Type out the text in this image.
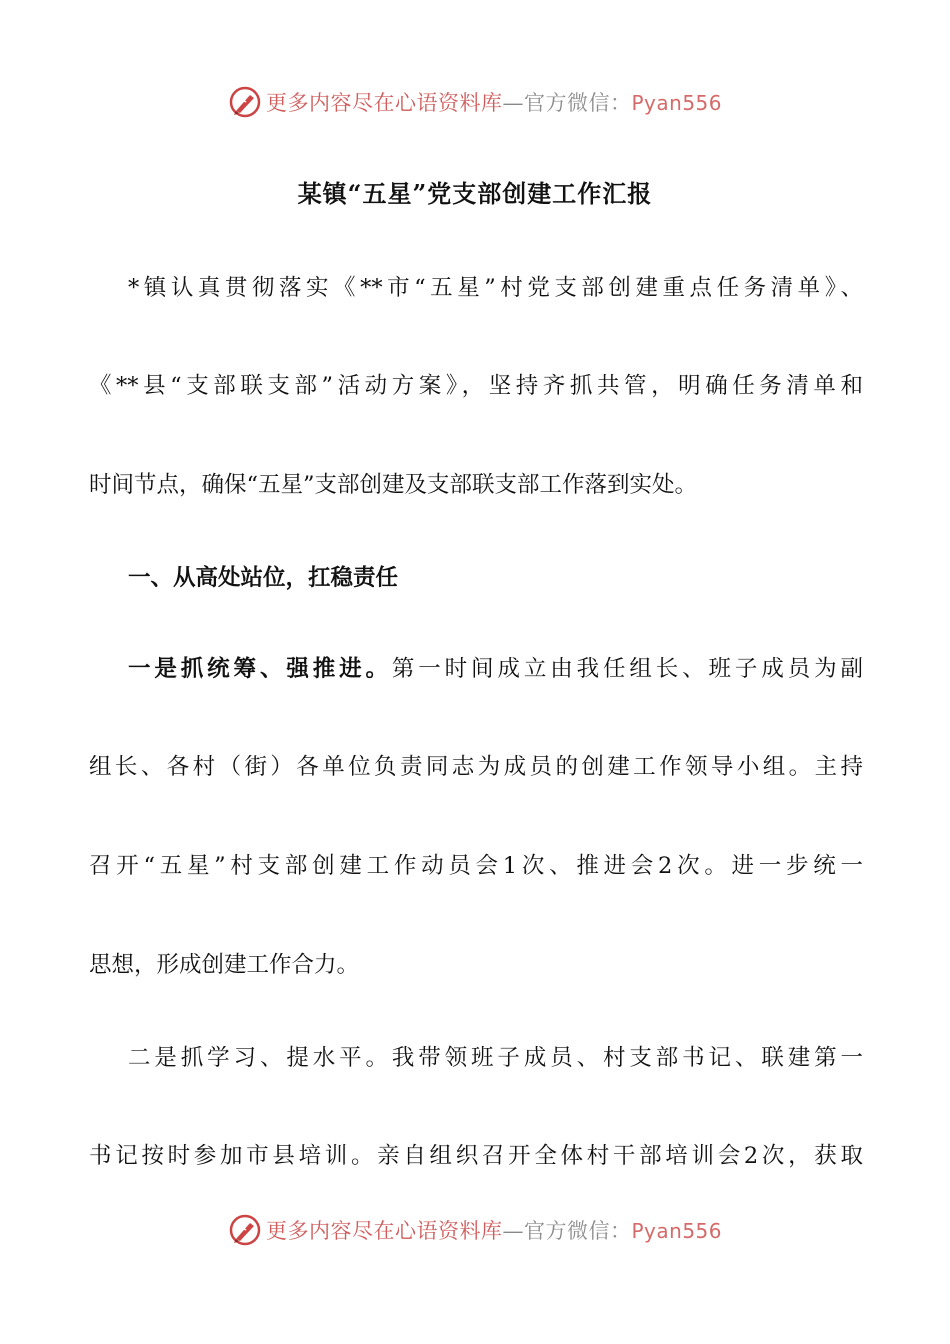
更多内容尽在心语资料库—官方微信：Pyan556
某镇“五星”党支部创建工作汇报
*镇认真贯彻落实《**市“五星”村党支部创建重点任务清单》、
《**县“支部联支部”活动方案》，坚持齐抓共管，明确任务清单和
时间节点，确保“五星”支部创建及支部联支部工作落到实处。
一、从高处站位，扛稳责任
一是抓统筹、强推进。第一时间成立由我任组长、班子成员为副
组长、各村（街）各单位负责同志为成员的创建工作领导小组。主持
召开“五星”村支部创建工作动员会1次、推进会2次。进一步统一
思想，形成创建工作合力。
二是抓学习、提水平。我带领班子成员、村支部书记、联建第一
书记按时参加市县培训。亲自组织召开全体村干部培训会2次，获取
更多内容尽在心语资料库—官方微信：Pyan556
